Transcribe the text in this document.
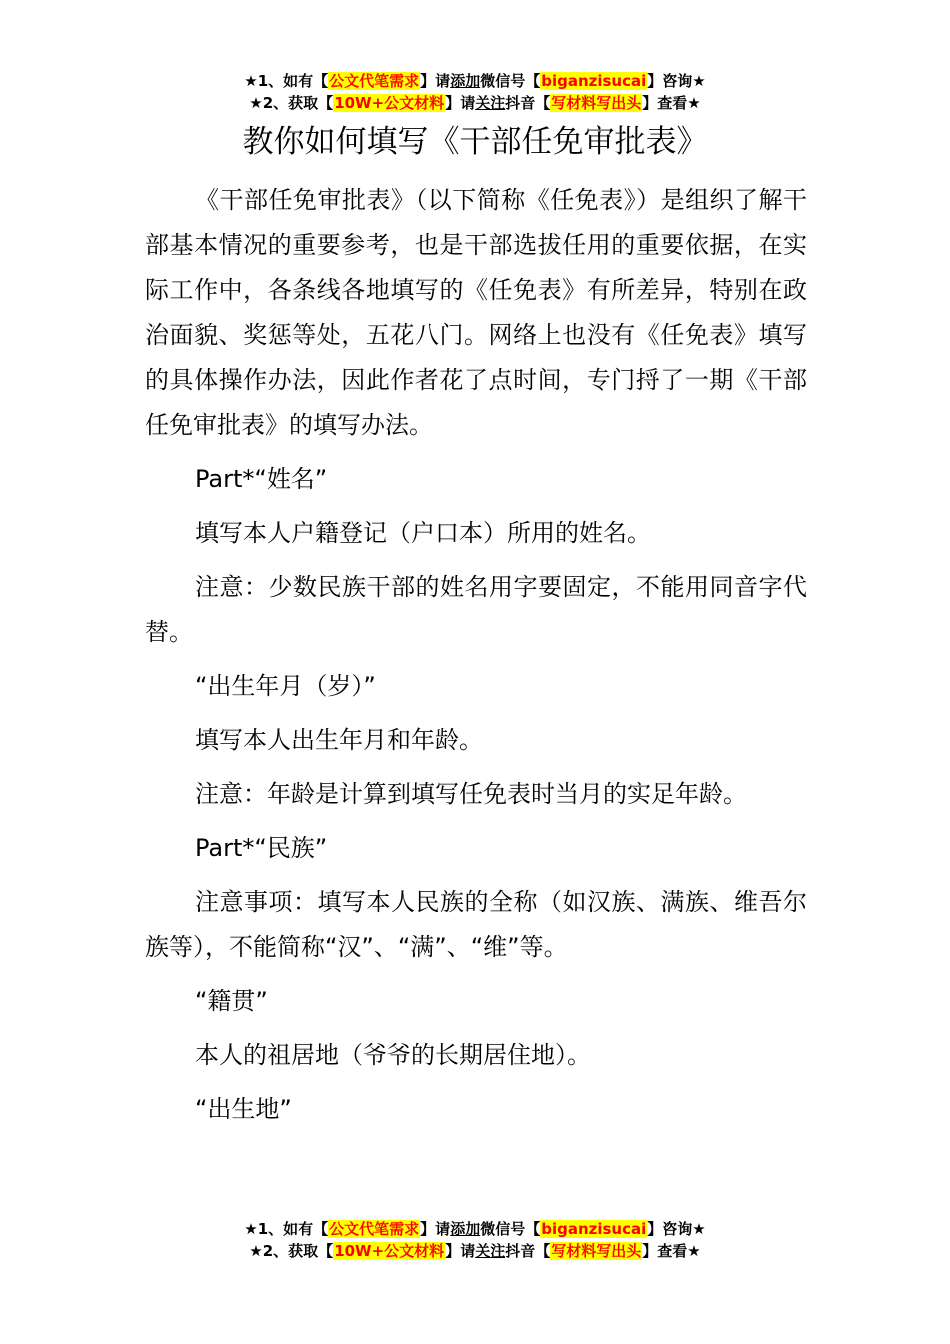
★1、如有【公文代笔需求】请添加微信号【biganzisucai】咨询★
★2、获取【10W+公文材料】请关注抖音【写材料写出头】查看★
教你如何填写《干部任免审批表》

《干部任免审批表》（以下简称《任免表》）是组织了解干部基本情况的重要参考，也是干部选拔任用的重要依据，在实际工作中，各条线各地填写的《任免表》有所差异，特别在政治面貌、奖惩等处，五花八门。网络上也没有《任免表》填写的具体操作办法，因此作者花了点时间，专门捋了一期《干部任免审批表》的填写办法。

Part*“姓名”

填写本人户籍登记（户口本）所用的姓名。

注意：少数民族干部的姓名用字要固定，不能用同音字代替。

“出生年月（岁）”

填写本人出生年月和年龄。

注意：年龄是计算到填写任免表时当月的实足年龄。

Part*“民族”

注意事项：填写本人民族的全称（如汉族、满族、维吾尔族等），不能简称“汉”、“满”、“维”等。

“籍贯”

本人的祖居地（爷爷的长期居住地）。

“出生地”

★1、如有【公文代笔需求】请添加微信号【biganzisucai】咨询★
★2、获取【10W+公文材料】请关注抖音【写材料写出头】查看★
